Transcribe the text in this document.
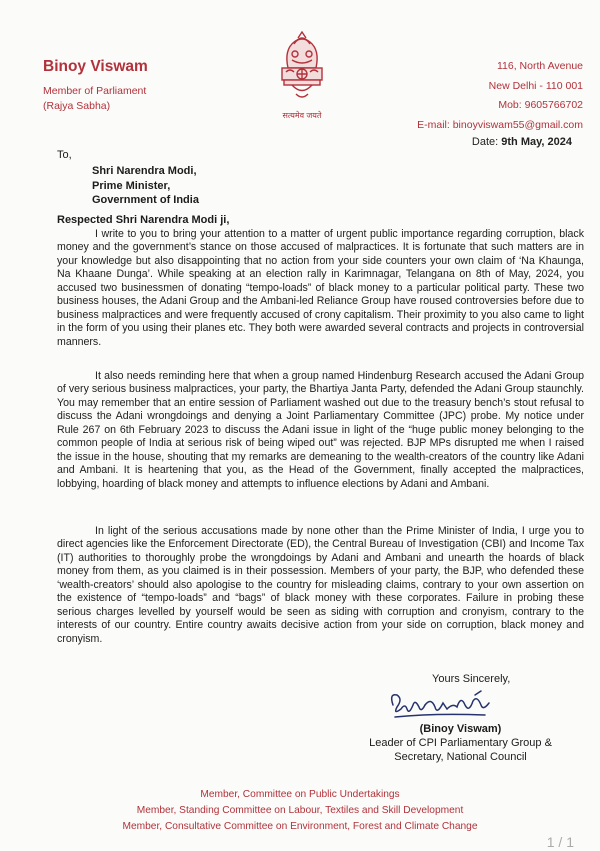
Binoy Viswam
Member of Parliament
(Rajya Sabha)
सत्यमेव जयते
116, North Avenue
New Delhi - 110 001
Mob: 9605766702
E-mail: binoyviswam55@gmail.com
Date: 9th May, 2024
To,
Shri Narendra Modi,
Prime Minister,
Government of India
Respected Shri Narendra Modi ji,

I write to you to bring your attention to a matter of urgent public importance regarding corruption, black money and the government’s stance on those accused of malpractices. It is fortunate that such matters are in your knowledge but also disappointing that no action from your side counters your own claim of ‘Na Khaunga, Na Khaane Dunga’. While speaking at an election rally in Karimnagar, Telangana on 8th of May, 2024, you accused two businessmen of donating “tempo-loads” of black money to a particular political party. These two business houses, the Adani Group and the Ambani-led Reliance Group have roused controversies before due to business malpractices and were frequently accused of crony capitalism. Their proximity to you also came to light in the form of you using their planes etc. They both were awarded several contracts and projects in controversial manners.

It also needs reminding here that when a group named Hindenburg Research accused the Adani Group of very serious business malpractices, your party, the Bhartiya Janta Party, defended the Adani Group staunchly. You may remember that an entire session of Parliament washed out due to the treasury bench’s stout refusal to discuss the Adani wrongdoings and denying a Joint Parliamentary Committee (JPC) probe. My notice under Rule 267 on 6th February 2023 to discuss the Adani issue in light of the “huge public money belonging to the common people of India at serious risk of being wiped out” was rejected. BJP MPs disrupted me when I raised the issue in the house, shouting that my remarks are demeaning to the wealth-creators of the country like Adani and Ambani. It is heartening that you, as the Head of the Government, finally accepted the malpractices, lobbying, hoarding of black money and attempts to influence elections by Adani and Ambani.

In light of the serious accusations made by none other than the Prime Minister of India, I urge you to direct agencies like the Enforcement Directorate (ED), the Central Bureau of Investigation (CBI) and Income Tax (IT) authorities to thoroughly probe the wrongdoings by Adani and Ambani and unearth the hoards of black money from them, as you claimed is in their possession. Members of your party, the BJP, who defended these ‘wealth-creators’ should also apologise to the country for misleading claims, contrary to your own assertion on the existence of “tempo-loads” and “bags” of black money with these corporates. Failure in probing these serious charges levelled by yourself would be seen as siding with corruption and cronyism, contrary to the interests of our country. Entire country awaits decisive action from your side on corruption, black money and cronyism.

Yours Sincerely,
(Binoy Viswam)
Leader of CPI Parliamentary Group &
Secretary, National Council
Member, Committee on Public Undertakings
Member, Standing Committee on Labour, Textiles and Skill Development
Member, Consultative Committee on Environment, Forest and Climate Change
1 / 1
